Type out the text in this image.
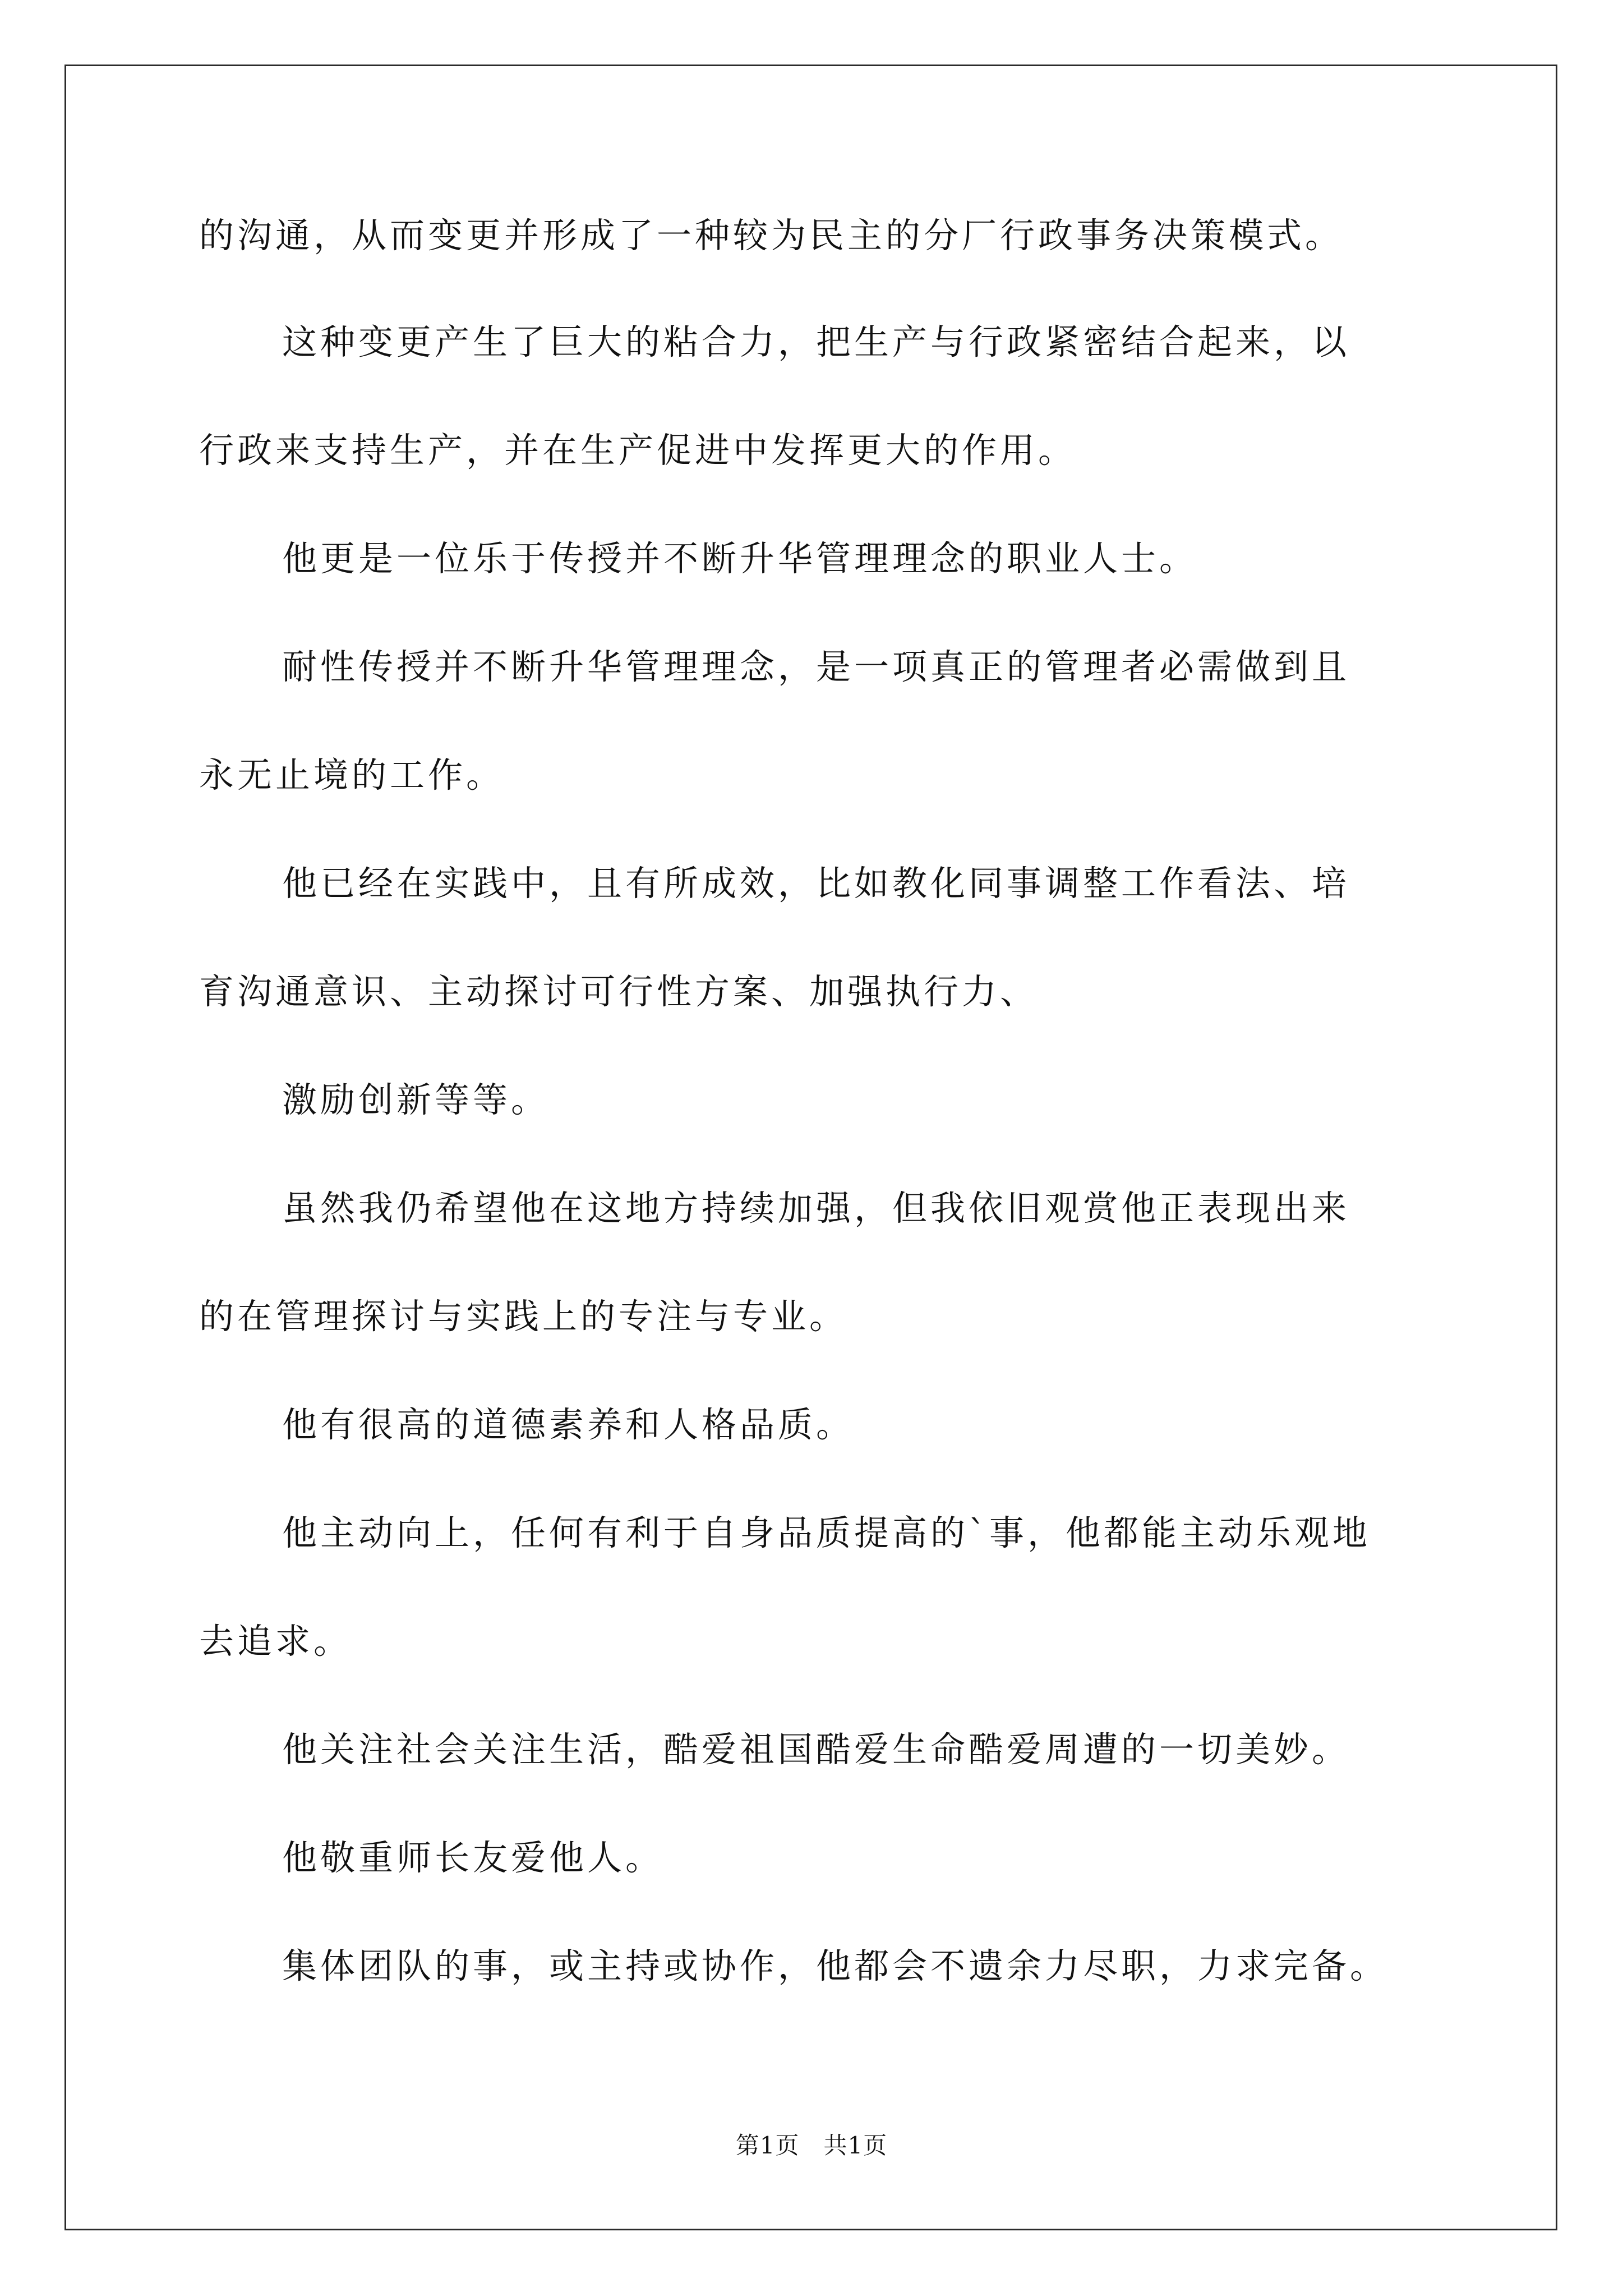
的沟通，从而变更并形成了一种较为民主的分厂行政事务决策模式。
这种变更产生了巨大的粘合力，把生产与行政紧密结合起来，以
行政来支持生产，并在生产促进中发挥更大的作用。
他更是一位乐于传授并不断升华管理理念的职业人士。
耐性传授并不断升华管理理念，是一项真正的管理者必需做到且
永无止境的工作。
他已经在实践中，且有所成效，比如教化同事调整工作看法、培
育沟通意识、主动探讨可行性方案、加强执行力、
激励创新等等。
虽然我仍希望他在这地方持续加强，但我依旧观赏他正表现出来
的在管理探讨与实践上的专注与专业。
他有很高的道德素养和人格品质。
他主动向上，任何有利于自身品质提高的`事，他都能主动乐观地
去追求。
他关注社会关注生活，酷爱祖国酷爱生命酷爱周遭的一切美妙。
他敬重师长友爱他人。
集体团队的事，或主持或协作，他都会不遗余力尽职，力求完备。
第1页 共1页
